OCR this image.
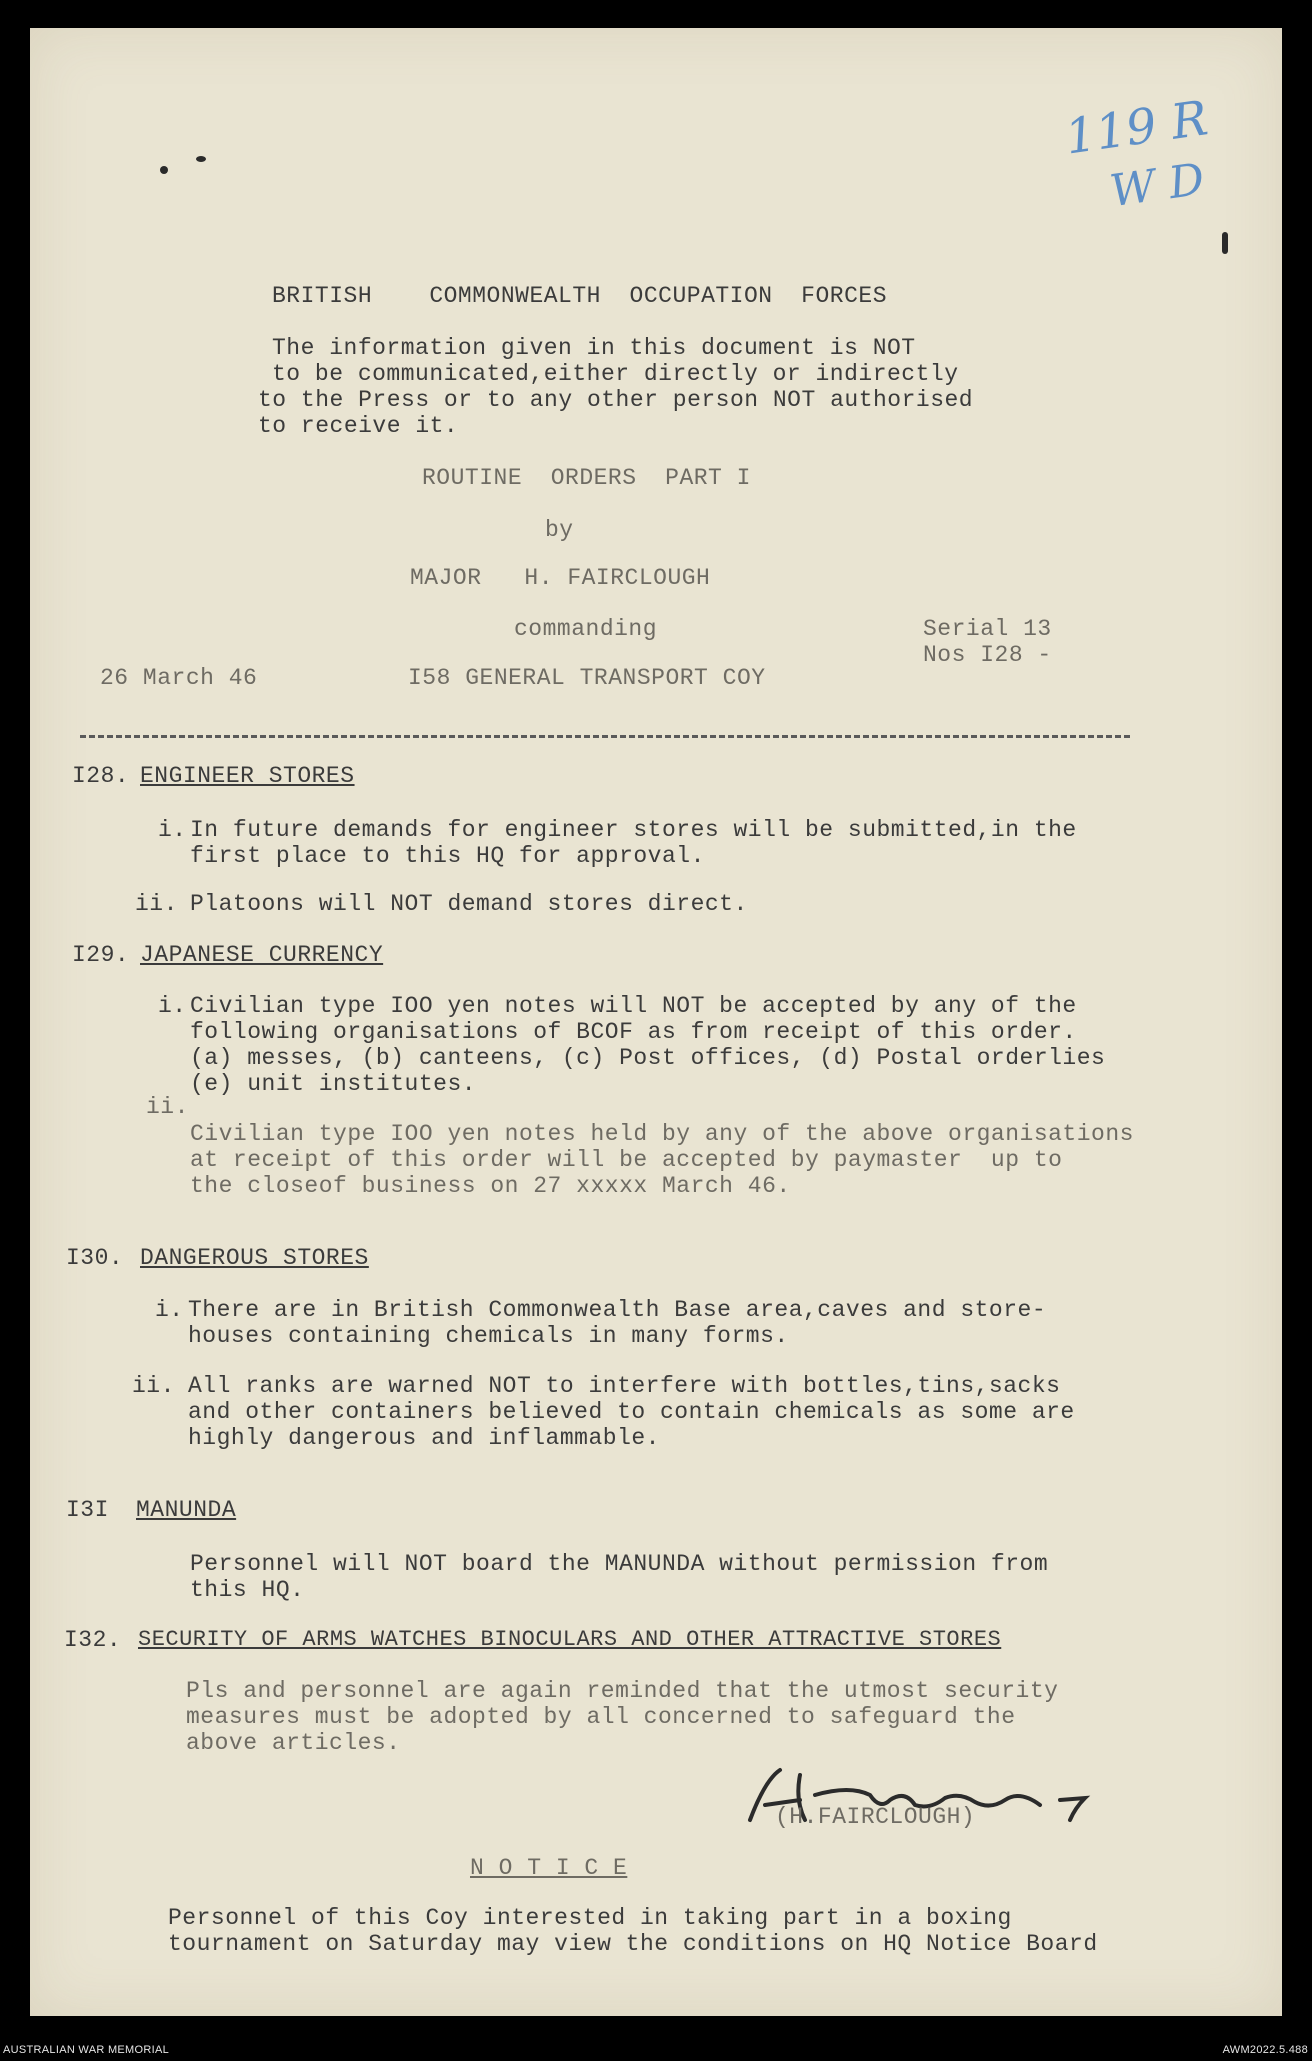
119 R
W D
BRITISH    COMMONWEALTH  OCCUPATION  FORCES
The information given in this document is NOT
to be communicated,either directly or indirectly
to the Press or to any other person NOT authorised
to receive it.
ROUTINE  ORDERS  PART I
by
MAJOR   H. FAIRCLOUGH
commanding	Serial 13
Nos I28 -
26 March 46	I58 GENERAL TRANSPORT COY
I28. ENGINEER STORES
i. In future demands for engineer stores will be submitted,in the
first place to this HQ for approval.
ii. Platoons will NOT demand stores direct.
I29. JAPANESE CURRENCY
i. Civilian type IOO yen notes will NOT be accepted by any of the
following organisations of BCOF as from receipt of this order.
(a) messes, (b) canteens, (c) Post offices, (d) Postal orderlies
(e) unit institutes.
ii.
Civilian type IOO yen notes held by any of the above organisations
at receipt of this order will be accepted by paymaster  up to
the closeof business on 27 xxxxx March 46.
I30. DANGEROUS STORES
i. There are in British Commonwealth Base area,caves and store-
houses containing chemicals in many forms.
ii. All ranks are warned NOT to interfere with bottles,tins,sacks
and other containers believed to contain chemicals as some are
highly dangerous and inflammable.
I3I MANUNDA
Personnel will NOT board the MANUNDA without permission from
this HQ.
I32. SECURITY OF ARMS WATCHES BINOCULARS AND OTHER ATTRACTIVE STORES
Pls and personnel are again reminded that the utmost security
measures must be adopted by all concerned to safeguard the
above articles.
(H.FAIRCLOUGH)
N O T I C E
Personnel of this Coy interested in taking part in a boxing
tournament on Saturday may view the conditions on HQ Notice Board
AUSTRALIAN WAR MEMORIAL	AWM2022.5.488
